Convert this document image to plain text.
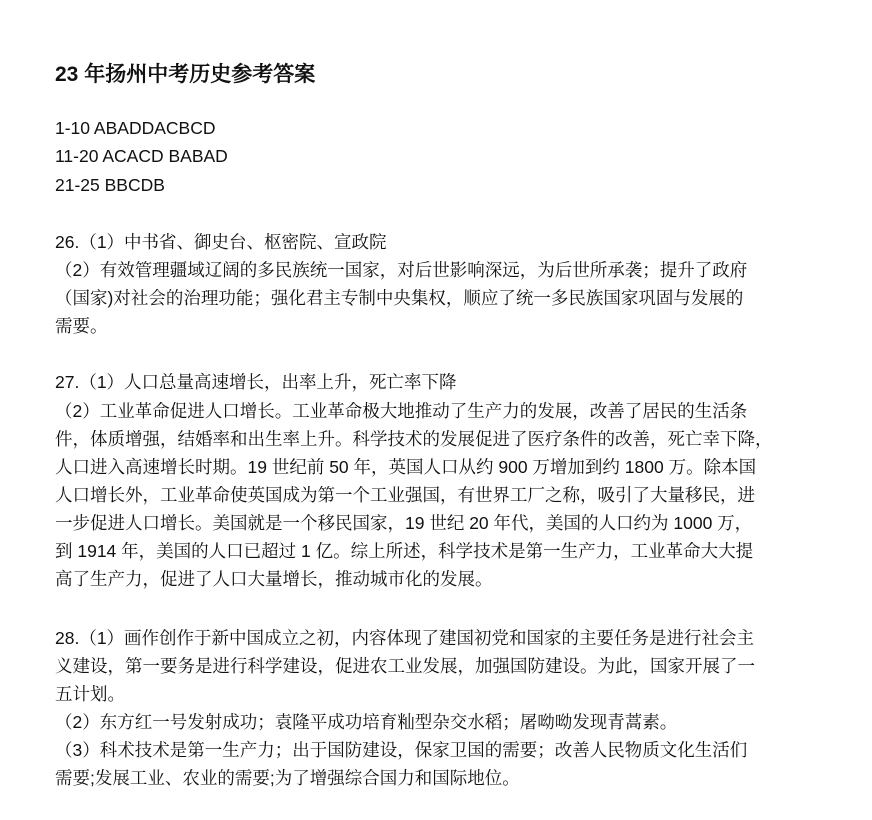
23 年扬州中考历史参考答案
1-10 ABADDACBCD
11-20 ACACD BABAD
21-25 BBCDB
26.（1）中书省、御史台、枢密院、宣政院
（2）有效管理疆域辽阔的多民族统一国家，对后世影响深远，为后世所承袭；提升了政府
（国家)对社会的治理功能；强化君主专制中央集权，顺应了统一多民族国家巩固与发展的
需要。
27.（1）人口总量高速增长，出率上升，死亡率下降
（2）工业革命促进人口增长。工业革命极大地推动了生产力的发展，改善了居民的生活条
件，体质增强，结婚率和出生率上升。科学技术的发展促进了医疗条件的改善，死亡幸下降，
人口进入高速增长时期。19 世纪前 50 年，英国人口从约 900 万增加到约 1800 万。除本国
人口增长外，工业革命使英国成为第一个工业强国，有世界工厂之称，吸引了大量移民，进
一步促进人口增长。美国就是一个移民国家，19 世纪 20 年代，美国的人口约为 1000 万，
到 1914 年，美国的人口已超过 1 亿。综上所述，科学技术是第一生产力，工业革命大大提
高了生产力，促进了人口大量增长，推动城市化的发展。
28.（1）画作创作于新中国成立之初，内容体现了建国初党和国家的主要任务是进行社会主
义建设，第一要务是进行科学建设，促进农工业发展，加强国防建设。为此，国家开展了一
五计划。
（2）东方红一号发射成功；袁隆平成功培育籼型杂交水稻；屠呦呦发现青蒿素。
（3）科术技术是第一生产力；出于国防建设，保家卫国的需要；改善人民物质文化生活们
需要;发展工业、农业的需要;为了增强综合国力和国际地位。
